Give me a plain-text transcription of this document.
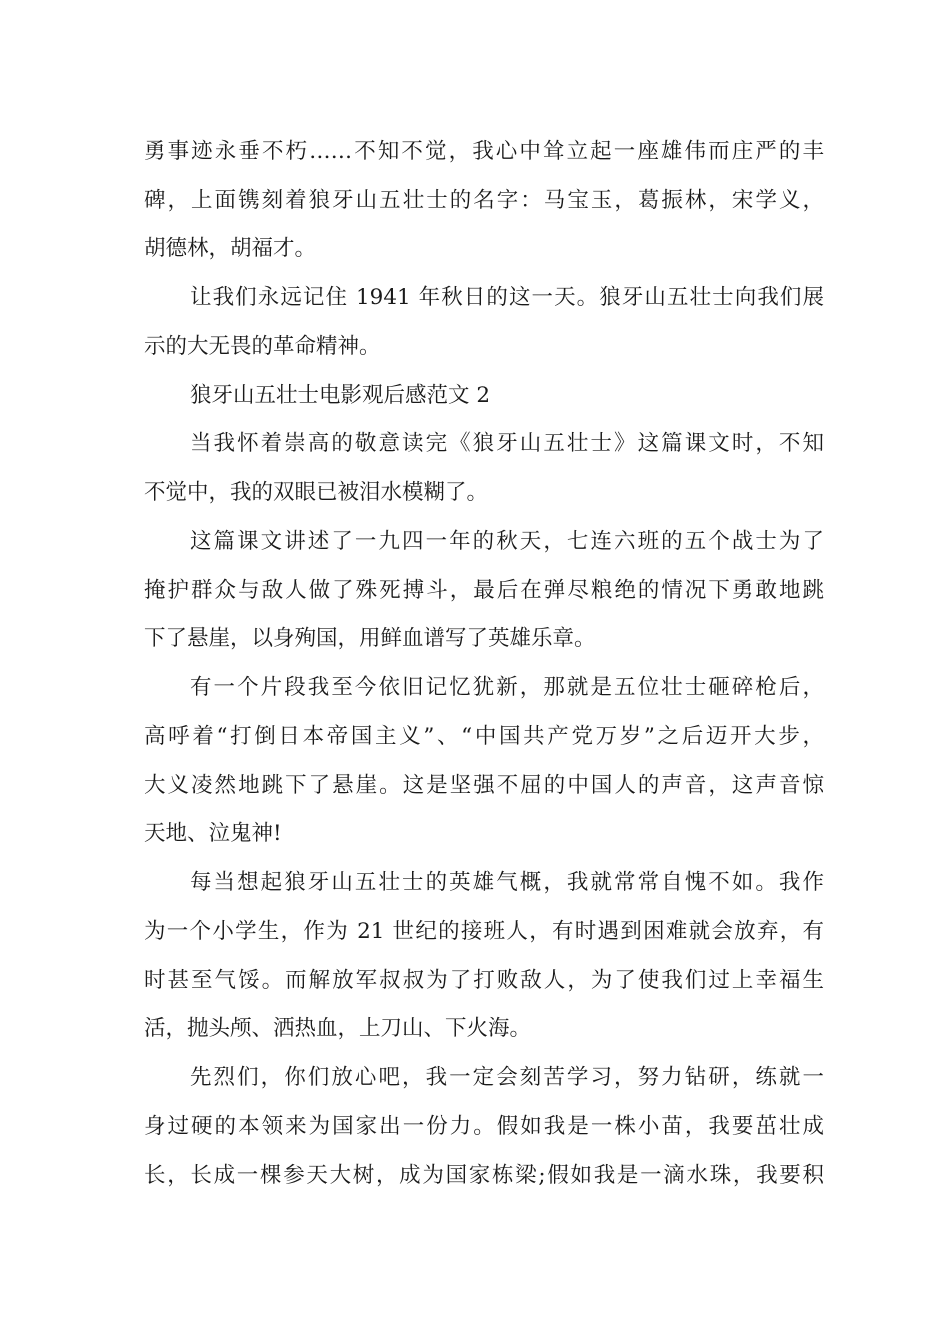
勇事迹永垂不朽……不知不觉，我心中耸立起一座雄伟而庄严的丰
碑，上面镌刻着狼牙山五壮士的名字：马宝玉，葛振林，宋学义，
胡德林，胡福才。
让我们永远记住 1941 年秋日的这一天。狼牙山五壮士向我们展
示的大无畏的革命精神。
狼牙山五壮士电影观后感范文 2
当我怀着崇高的敬意读完《狼牙山五壮士》这篇课文时，不知
不觉中，我的双眼已被泪水模糊了。
这篇课文讲述了一九四一年的秋天，七连六班的五个战士为了
掩护群众与敌人做了殊死搏斗，最后在弹尽粮绝的情况下勇敢地跳
下了悬崖，以身殉国，用鲜血谱写了英雄乐章。
有一个片段我至今依旧记忆犹新，那就是五位壮士砸碎枪后，
高呼着“打倒日本帝国主义”、“中国共产党万岁”之后迈开大步，
大义凌然地跳下了悬崖。这是坚强不屈的中国人的声音，这声音惊
天地、泣鬼神!
每当想起狼牙山五壮士的英雄气概，我就常常自愧不如。我作
为一个小学生，作为 21 世纪的接班人，有时遇到困难就会放弃，有
时甚至气馁。而解放军叔叔为了打败敌人，为了使我们过上幸福生
活，抛头颅、洒热血，上刀山、下火海。
先烈们，你们放心吧，我一定会刻苦学习，努力钻研，练就一
身过硬的本领来为国家出一份力。假如我是一株小苗，我要茁壮成
长，长成一棵参天大树，成为国家栋梁;假如我是一滴水珠，我要积
